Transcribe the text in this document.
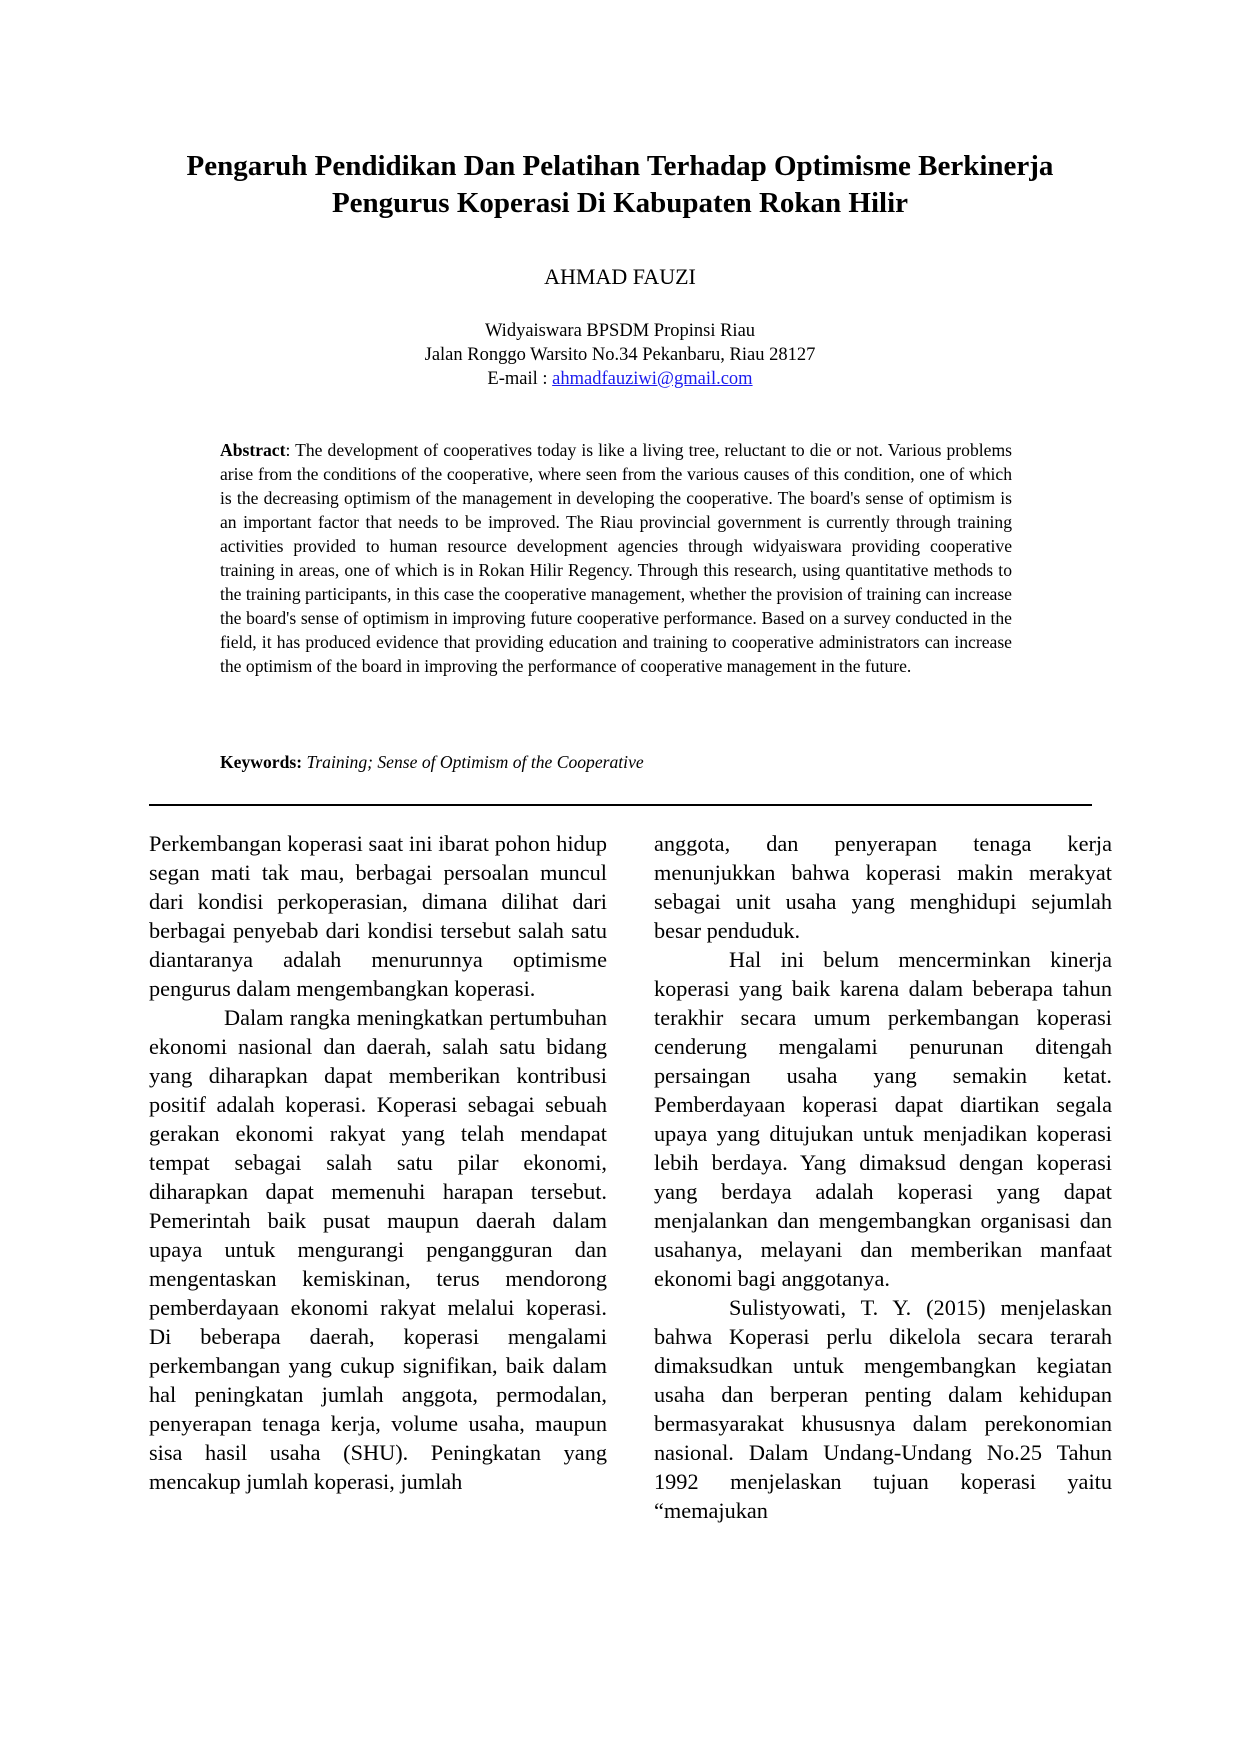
Pengaruh Pendidikan Dan Pelatihan Terhadap Optimisme Berkinerja
Pengurus Koperasi Di Kabupaten Rokan Hilir
AHMAD FAUZI
Widyaiswara BPSDM Propinsi Riau
Jalan Ronggo Warsito No.34 Pekanbaru, Riau 28127
E-mail : ahmadfauziwi@gmail.com

Abstract: The development of cooperatives today is like a living tree, reluctant to die or not. Various problems arise from the conditions of the cooperative, where seen from the various causes of this condition, one of which is the decreasing optimism of the management in developing the cooperative. The board's sense of optimism is an important factor that needs to be improved. The Riau provincial government is currently through training activities provided to human resource development agencies through widyaiswara providing cooperative training in areas, one of which is in Rokan Hilir Regency. Through this research, using quantitative methods to the training participants, in this case the cooperative management, whether the provision of training can increase the board's sense of optimism in improving future cooperative performance. Based on a survey conducted in the field, it has produced evidence that providing education and training to cooperative administrators can increase the optimism of the board in improving the performance of cooperative management in the future.

Keywords: Training; Sense of Optimism of the Cooperative

Perkembangan koperasi saat ini ibarat pohon hidup segan mati tak mau, berbagai persoalan muncul dari kondisi perkoperasian, dimana dilihat dari berbagai penyebab dari kondisi tersebut salah satu diantaranya adalah menurunnya optimisme pengurus dalam mengembangkan koperasi.

Dalam rangka meningkatkan pertumbuhan ekonomi nasional dan daerah, salah satu bidang yang diharapkan dapat memberikan kontribusi positif adalah koperasi. Koperasi sebagai sebuah gerakan ekonomi rakyat yang telah mendapat tempat sebagai salah satu pilar ekonomi, diharapkan dapat memenuhi harapan tersebut. Pemerintah baik pusat maupun daerah dalam upaya untuk mengurangi pengangguran dan mengentaskan kemiskinan, terus mendorong pemberdayaan ekonomi rakyat melalui koperasi. Di beberapa daerah, koperasi mengalami perkembangan yang cukup signifikan, baik dalam hal peningkatan jumlah anggota, permodalan, penyerapan tenaga kerja, volume usaha, maupun sisa hasil usaha (SHU). Peningkatan yang mencakup jumlah koperasi, jumlah

anggota, dan penyerapan tenaga kerja menunjukkan bahwa koperasi makin merakyat sebagai unit usaha yang menghidupi sejumlah besar penduduk.

Hal ini belum mencerminkan kinerja koperasi yang baik karena dalam beberapa tahun terakhir secara umum perkembangan koperasi cenderung mengalami penurunan ditengah persaingan usaha yang semakin ketat. Pemberdayaan koperasi dapat diartikan segala upaya yang ditujukan untuk menjadikan koperasi lebih berdaya. Yang dimaksud dengan koperasi yang berdaya adalah koperasi yang dapat menjalankan dan mengembangkan organisasi dan usahanya, melayani dan memberikan manfaat ekonomi bagi anggotanya.

Sulistyowati, T. Y. (2015) menjelaskan bahwa Koperasi perlu dikelola secara terarah dimaksudkan untuk mengembangkan kegiatan usaha dan berperan penting dalam kehidupan bermasyarakat khususnya dalam perekonomian nasional. Dalam Undang-Undang No.25 Tahun 1992 menjelaskan tujuan koperasi yaitu “memajukan
